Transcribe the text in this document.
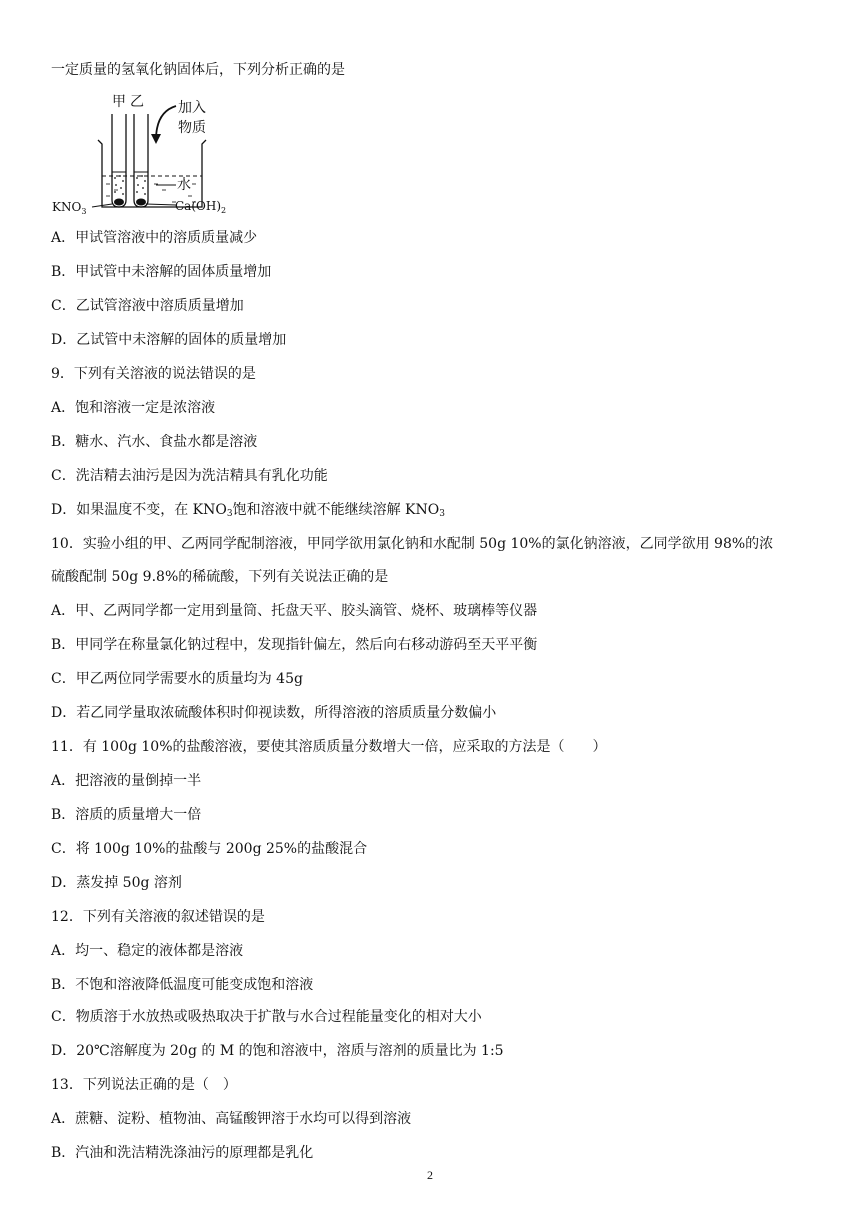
一定质量的氢氧化钠固体后，下列分析正确的是
甲 乙 加入
物质
水
$KNO_3$	$Ca(OH)_2$
A．甲试管溶液中的溶质质量减少
B．甲试管中未溶解的固体质量增加
C．乙试管溶液中溶质质量增加
D．乙试管中未溶解的固体的质量增加
9．下列有关溶液的说法错误的是
A．饱和溶液一定是浓溶液
B．糖水、汽水、食盐水都是溶液
C．洗洁精去油污是因为洗洁精具有乳化功能
D．如果温度不变，在 $KNO_3$饱和溶液中就不能继续溶解 $KNO_3$
10．实验小组的甲、乙两同学配制溶液，甲同学欲用氯化钠和水配制 50g 10%的氯化钠溶液，乙同学欲用 98%的浓
硫酸配制 50g 9.8%的稀硫酸，下列有关说法正确的是
A．甲、乙两同学都一定用到量筒、托盘天平、胶头滴管、烧杯、玻璃棒等仪器
B．甲同学在称量氯化钠过程中，发现指针偏左，然后向右移动游码至天平平衡
C．甲乙两位同学需要水的质量均为 45g
D．若乙同学量取浓硫酸体积时仰视读数，所得溶液的溶质质量分数偏小
11．有 100g 10%的盐酸溶液，要使其溶质质量分数增大一倍，应采取的方法是（　　）
A．把溶液的量倒掉一半
B．溶质的质量增大一倍
C．将 100g 10%的盐酸与 200g 25%的盐酸混合
D．蒸发掉 50g 溶剂
12．下列有关溶液的叙述错误的是
A．均一、稳定的液体都是溶液
B．不饱和溶液降低温度可能变成饱和溶液
C．物质溶于水放热或吸热取决于扩散与水合过程能量变化的相对大小
D．20℃溶解度为 20g 的 M 的饱和溶液中，溶质与溶剂的质量比为 1:5
13．下列说法正确的是（　）
A．蔗糖、淀粉、植物油、高锰酸钾溶于水均可以得到溶液
B．汽油和洗洁精洗涤油污的原理都是乳化
2
